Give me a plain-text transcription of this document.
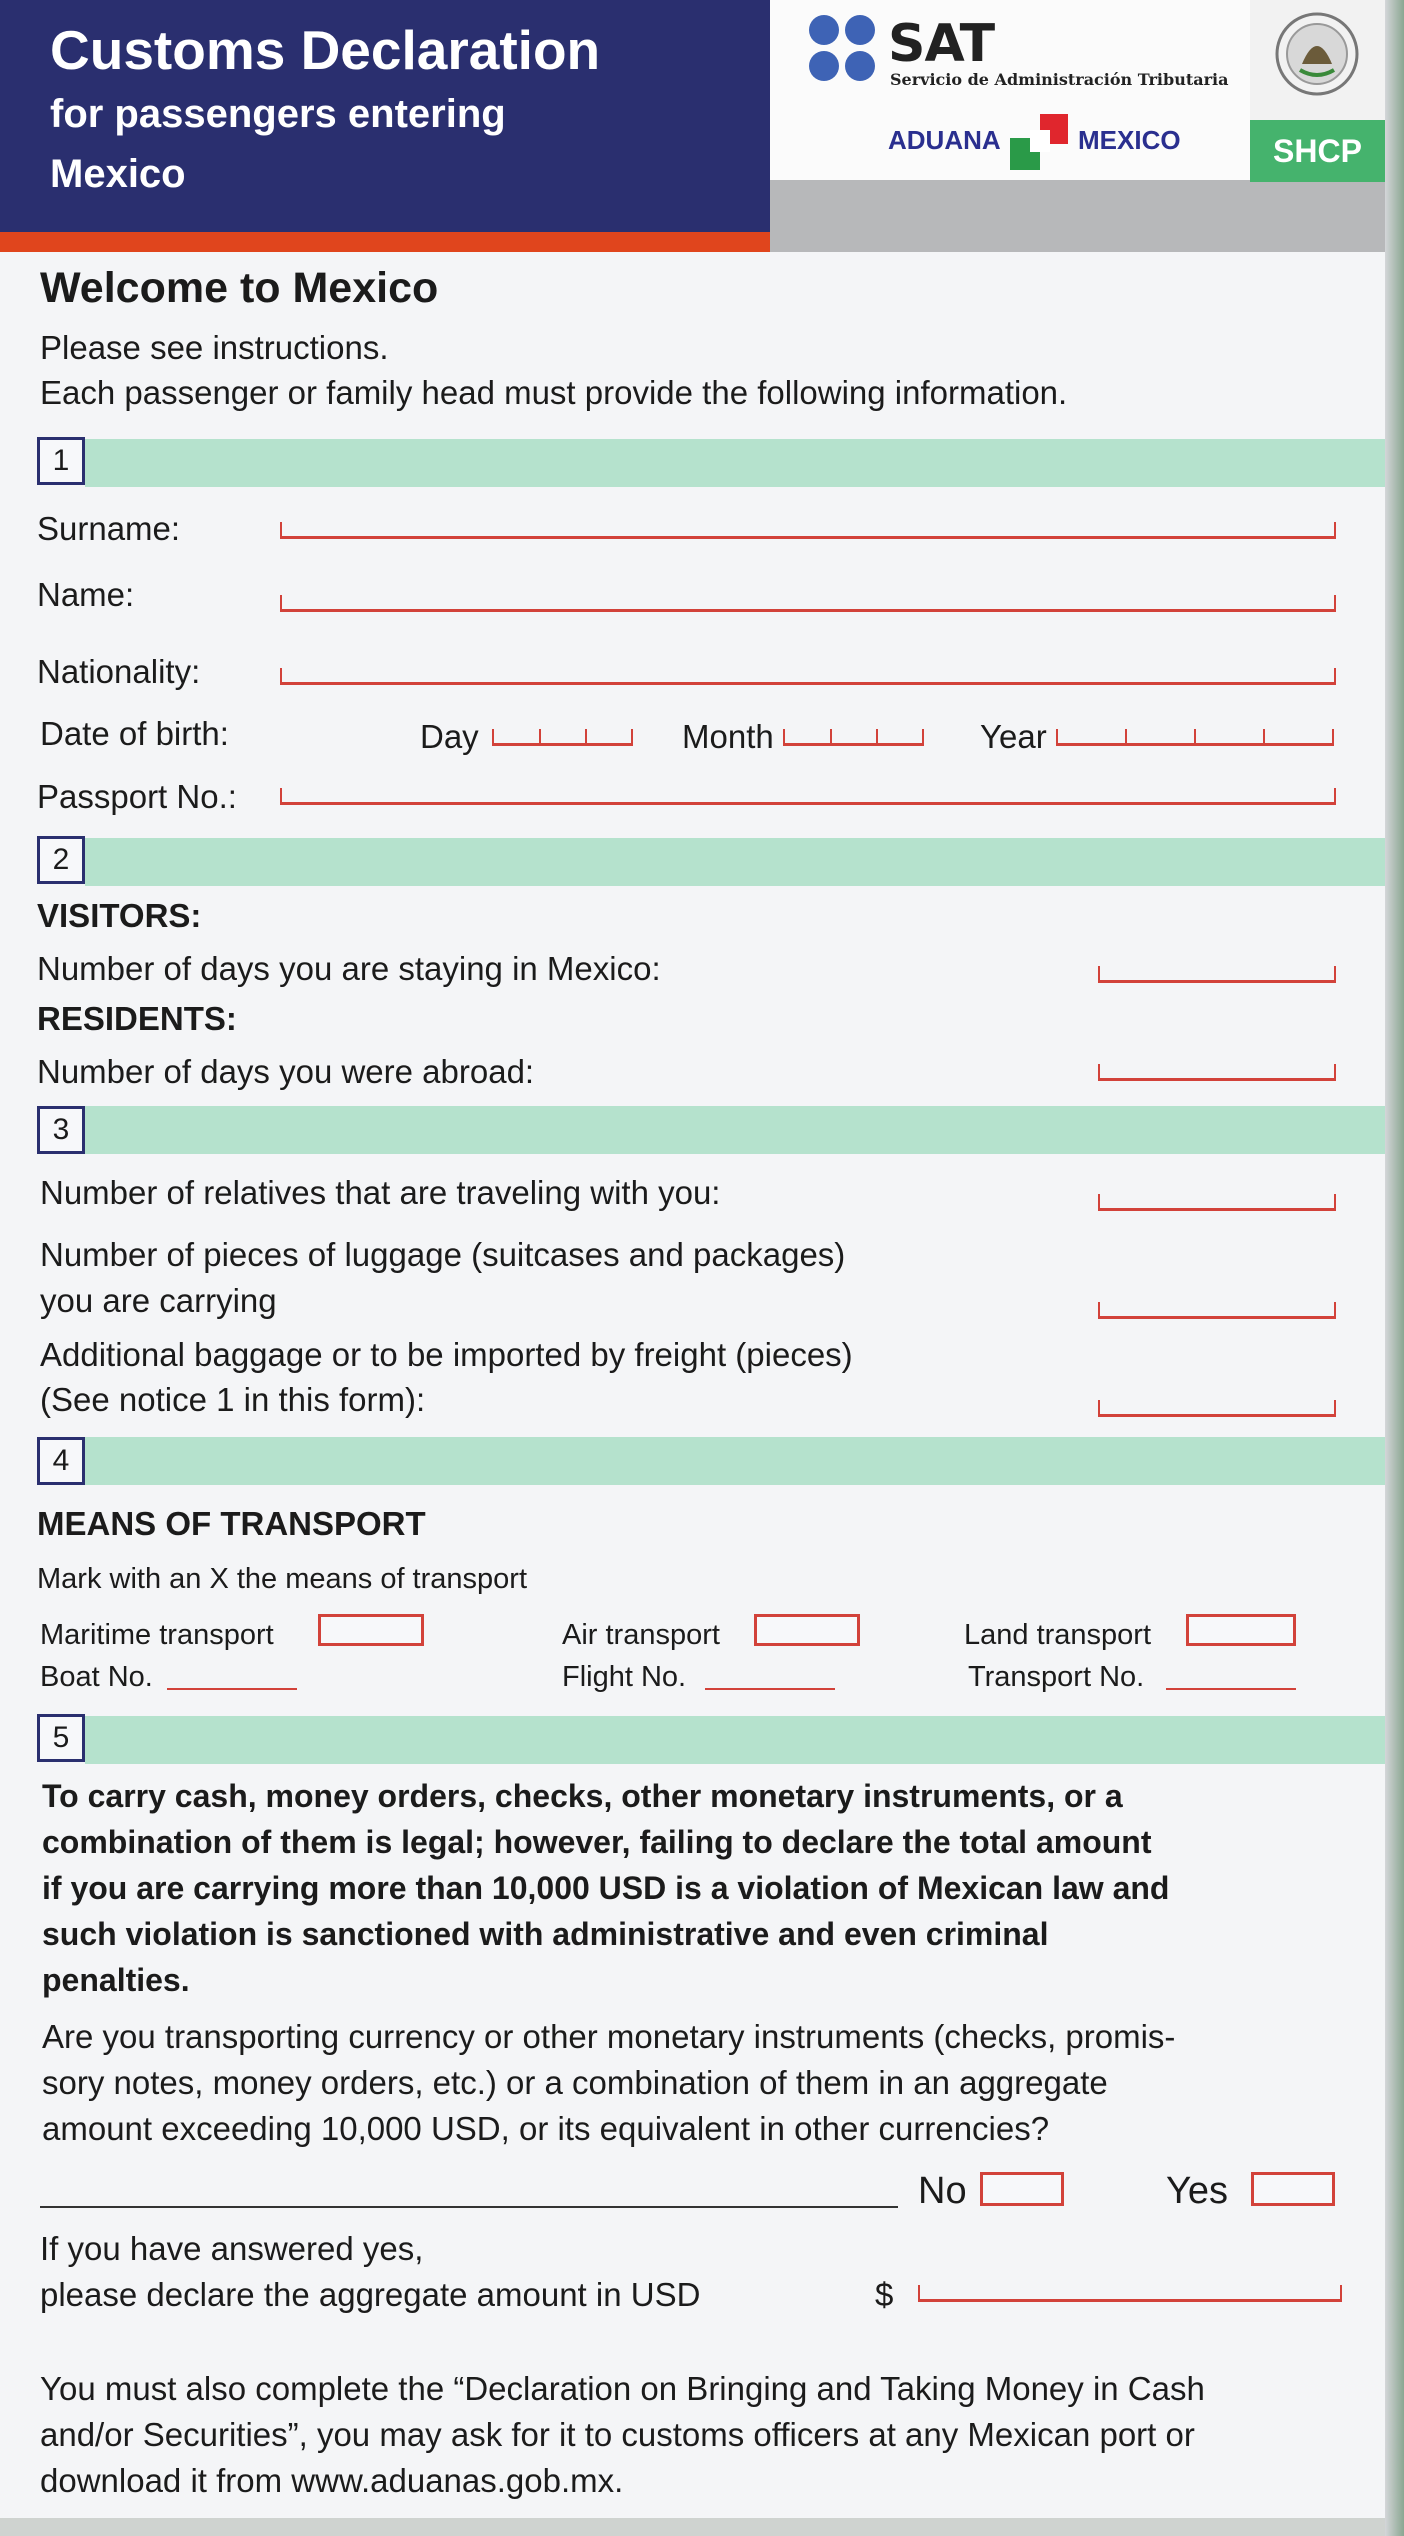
Customs Declaration
for passengers entering
Mexico
SHCP
SAT
Servicio de Administración Tributaria
ADUANA	MEXICO
Welcome to Mexico
Please see instructions.
Each passenger or family head must provide the following information.
1
Surname:
Name:
Nationality:
Date of birth:	Day	Month	Year
Passport No.:
2
VISITORS:
Number of days you are staying in Mexico:
RESIDENTS:
Number of days you were abroad:
3
Number of relatives that are traveling with you:
Number of pieces of luggage (suitcases and packages)
you are carrying
Additional baggage or to be imported by freight (pieces)
(See notice 1 in this form):
4
MEANS OF TRANSPORT
Mark with an X the means of transport
Maritime transport
Boat No.
Air transport
Flight No.
Land transport
Transport No.
5
To carry cash, money orders, checks, other monetary instruments, or a
combination of them is legal; however, failing to declare the total amount
if you are carrying more than 10,000 USD is a violation of Mexican law and
such violation is sanctioned with administrative and even criminal
penalties.
Are you transporting currency or other monetary instruments (checks, promis-
sory notes, money orders, etc.) or a combination of them in an aggregate
amount exceeding 10,000 USD, or its equivalent in other currencies?
No	Yes
If you have answered yes,
please declare the aggregate amount in USD	$
You must also complete the “Declaration on Bringing and Taking Money in Cash
and/or Securities”, you may ask for it to customs officers at any Mexican port or
download it from www.aduanas.gob.mx.
